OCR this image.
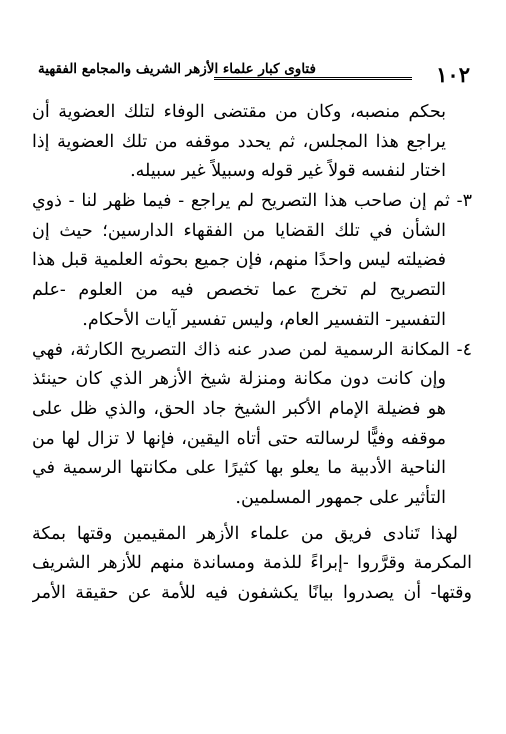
١٠٢
فتاوى كبار علماء الأزهر الشريف والمجامع الفقهية
بحكم منصبه، وكان من مقتضى الوفاء لتلك العضوية أن
يراجع هذا المجلس، ثم يحدد موقفه من تلك العضوية إذا
اختار لنفسه قولاً غير قوله وسبيلاً غير سبيله.
٣- ثم إن صاحب هذا التصريح لم يراجع - فيما ظهر لنا - ذوي
الشأن في تلك القضايا من الفقهاء الدارسين؛ حيث إن
فضيلته ليس واحدًا منهم، فإن جميع بحوثه العلمية قبل هذا
التصريح لم تخرج عما تخصص فيه من العلوم -علم
التفسير- التفسير العام، وليس تفسير آيات الأحكام.
٤- المكانة الرسمية لمن صدر عنه ذاك التصريح الكارثة، فهي
وإن كانت دون مكانة ومنزلة شيخ الأزهر الذي كان حينئذ
هو فضيلة الإمام الأكبر الشيخ جاد الحق، والذي ظل على
موقفه وفيًّا لرسالته حتى أتاه اليقين، فإنها لا تزال لها من
الناحية الأدبية ما يعلو بها كثيرًا على مكانتها الرسمية في
التأثير على جمهور المسلمين.
لهذا تَنادى فريق من علماء الأزهر المقيمين وقتها بمكة
المكرمة وقرَّروا -إبراءً للذمة ومساندة منهم للأزهر الشريف
وقتها- أن يصدروا بيانًا يكشفون فيه للأمة عن حقيقة الأمر
